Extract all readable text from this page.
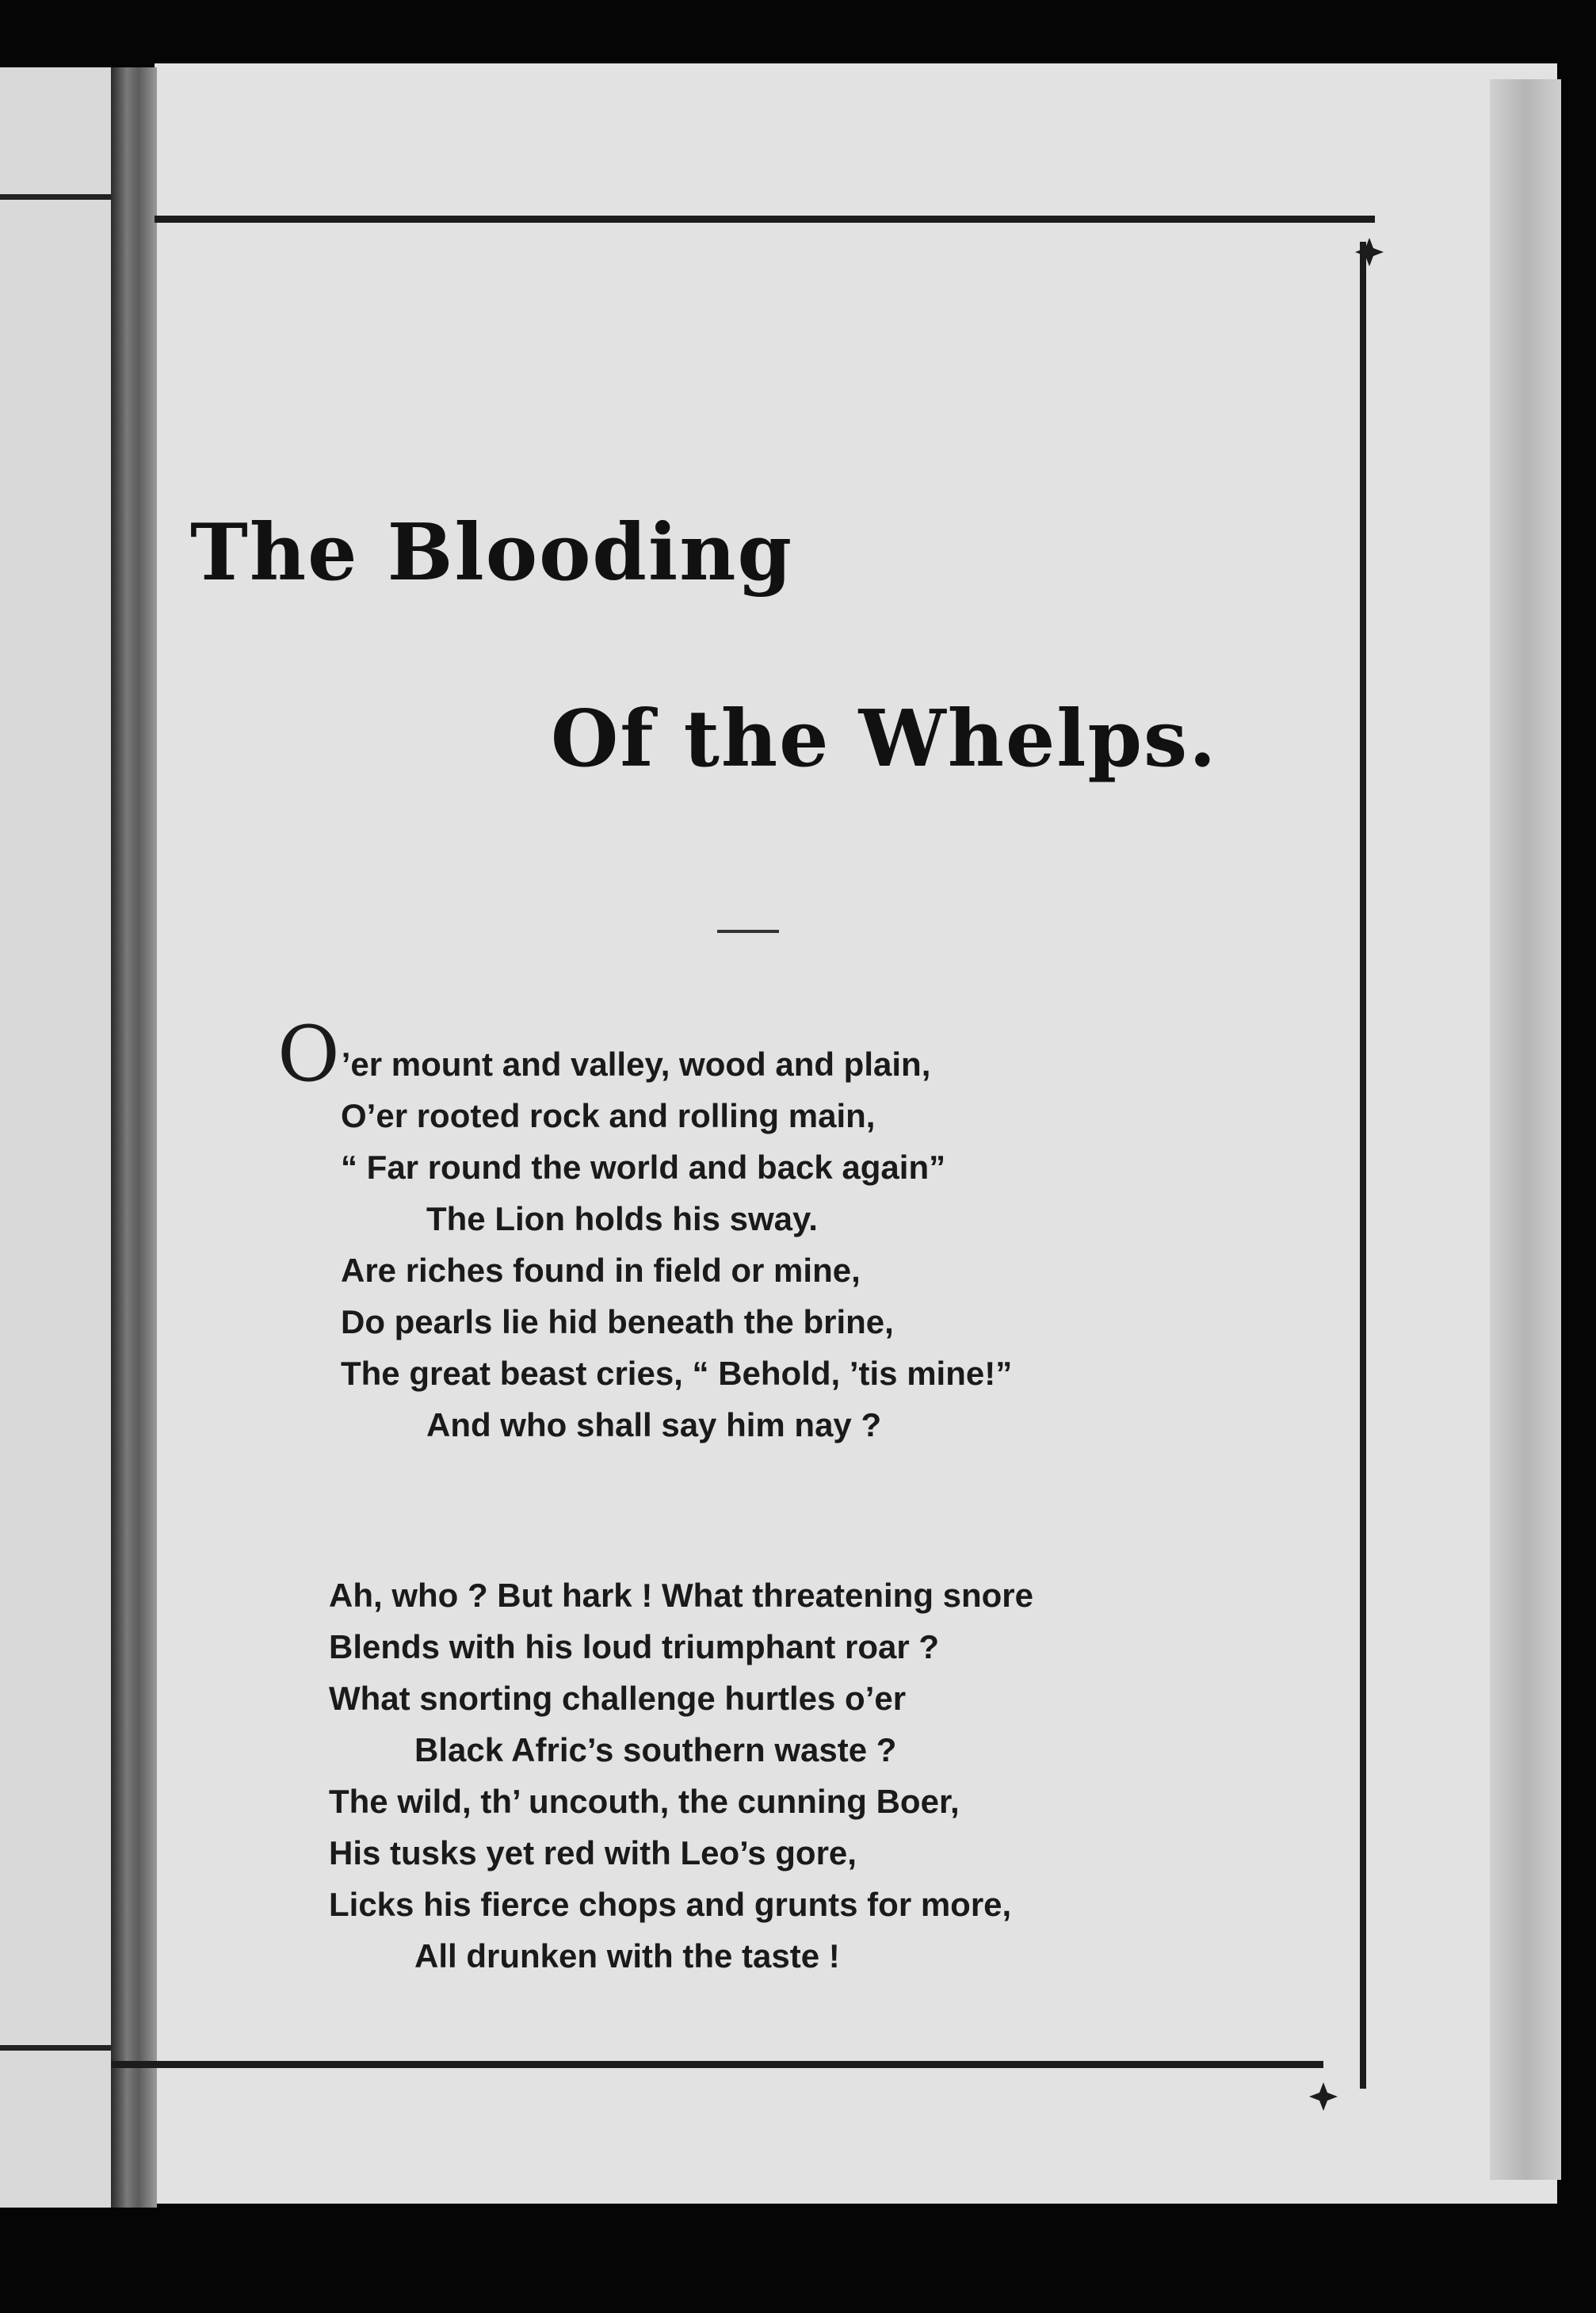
The Blooding
Of the Whelps.
O’er mount and valley, wood and plain,
O’er rooted rock and rolling main,
“ Far round the world and back again”
The Lion holds his sway.
Are riches found in field or mine,
Do pearls lie hid beneath the brine,
The great beast cries, “ Behold, ’tis mine!”
And who shall say him nay ?
Ah, who ? But hark ! What threatening snore
Blends with his loud triumphant roar ?
What snorting challenge hurtles o’er
Black Afric’s southern waste ?
The wild, th’ uncouth, the cunning Boer,
His tusks yet red with Leo’s gore,
Licks his fierce chops and grunts for more,
All drunken with the taste !
